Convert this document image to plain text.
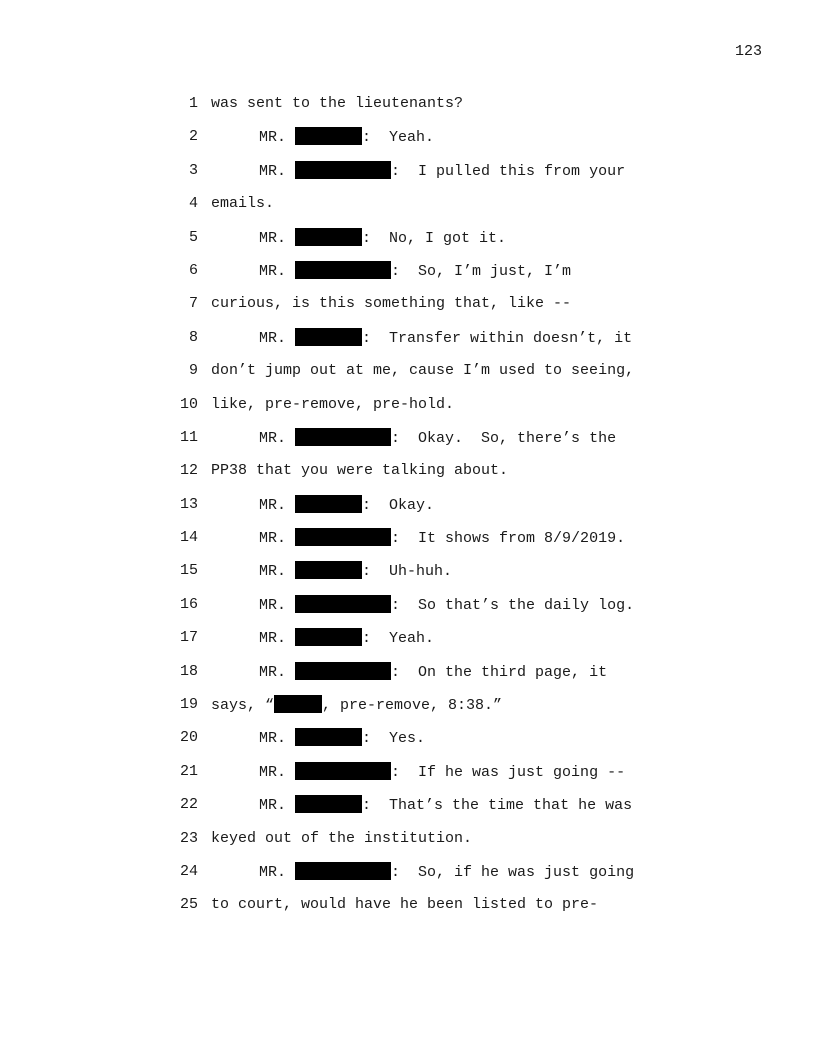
123
1 was sent to the lieutenants?
2	MR.	:  Yeah.
3	MR.	:  I pulled this from your
4 emails.
5	MR.	:  No, I got it.
6	MR.	:  So, I’m just, I’m
7 curious, is this something that, like --
8	MR.	:  Transfer within doesn’t, it
9 don’t jump out at me, cause I’m used to seeing,
10 like, pre-remove, pre-hold.
11	MR.	:  Okay.  So, there’s the
12 PP38 that you were talking about.
13	MR.	:  Okay.
14	MR.	:  It shows from 8/9/2019.
15	MR.	:  Uh-huh.
16	MR.	:  So that’s the daily log.
17	MR.	:  Yeah.
18	MR.	:  On the third page, it
19 says, “	, pre-remove, 8:38.”
20	MR.	:  Yes.
21	MR.	:  If he was just going --
22	MR.	:  That’s the time that he was
23 keyed out of the institution.
24	MR.	:  So, if he was just going
25 to court, would have he been listed to pre-
